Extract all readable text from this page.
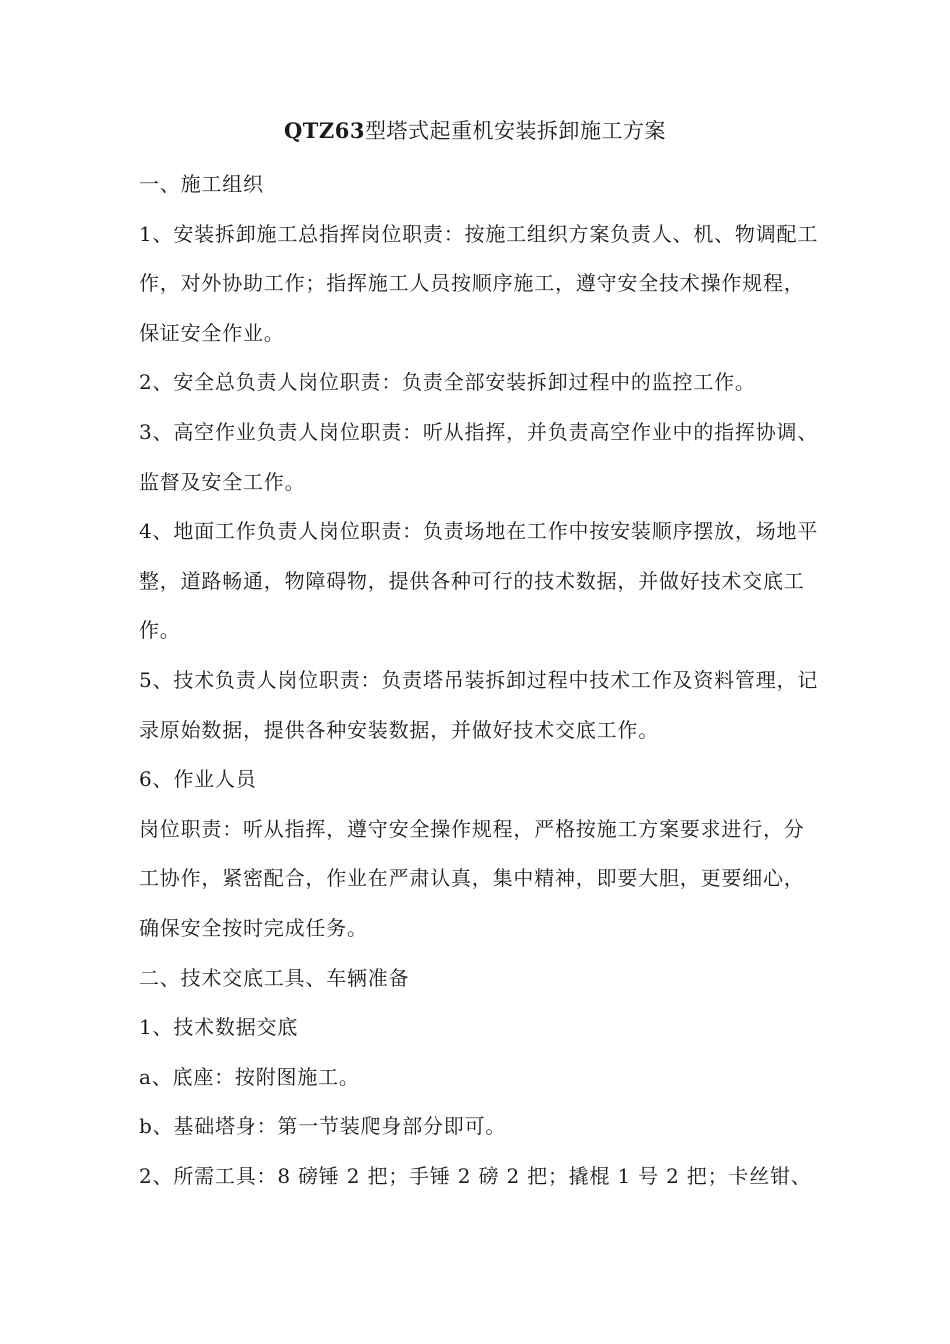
QTZ63型塔式起重机安装拆卸施工方案

一、施工组织

1、安装拆卸施工总指挥岗位职责：按施工组织方案负责人、机、物调配工作，对外协助工作；指挥施工人员按顺序施工，遵守安全技术操作规程，保证安全作业。

2、安全总负责人岗位职责：负责全部安装拆卸过程中的监控工作。

3、高空作业负责人岗位职责：听从指挥，并负责高空作业中的指挥协调、监督及安全工作。

4、地面工作负责人岗位职责：负责场地在工作中按安装顺序摆放，场地平整，道路畅通，物障碍物，提供各种可行的技术数据，并做好技术交底工作。

5、技术负责人岗位职责：负责塔吊装拆卸过程中技术工作及资料管理，记录原始数据，提供各种安装数据，并做好技术交底工作。

6、作业人员

岗位职责：听从指挥，遵守安全操作规程，严格按施工方案要求进行，分工协作，紧密配合，作业在严肃认真，集中精神，即要大胆，更要细心，确保安全按时完成任务。

二、技术交底工具、车辆准备

1、技术数据交底

a、底座：按附图施工。

b、基础塔身：第一节装爬身部分即可。

2、所需工具：8 磅锤 2 把；手锤 2 磅 2 把；撬棍 1 号 2 把；卡丝钳、
